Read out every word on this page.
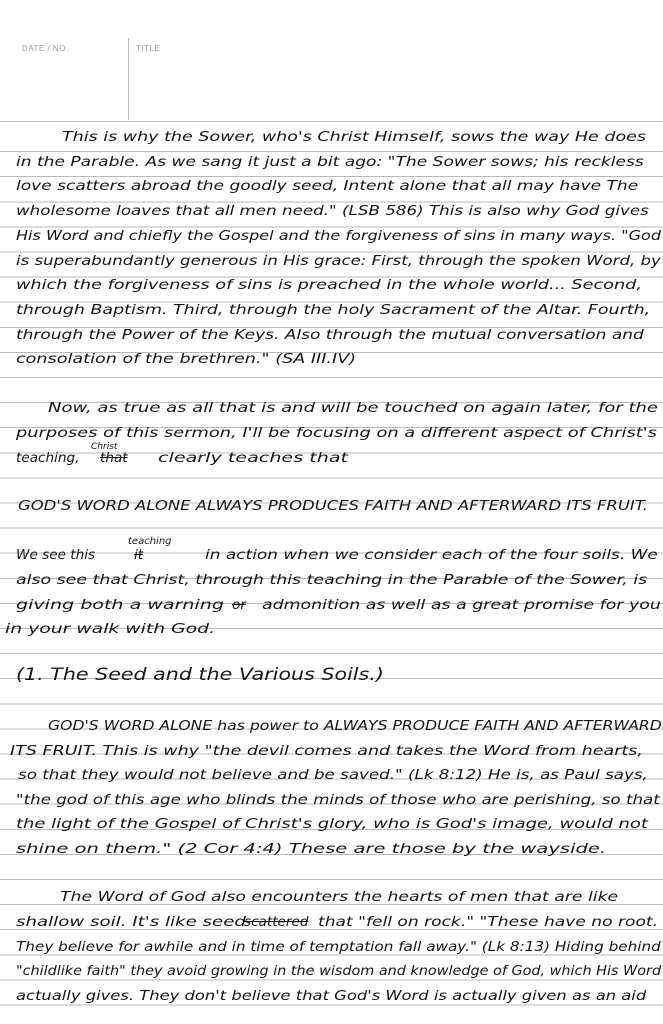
DATE / NO.	TITLE
This is why the Sower, who's Christ Himself, sows the way He does
in the Parable. As we sang it just a bit ago: "The Sower sows; his reckless
love scatters abroad the goodly seed, Intent alone that all may have The
wholesome loaves that all men need." (LSB 586) This is also why God gives
His Word and chiefly the Gospel and the forgiveness of sins in many ways. "God
is superabundantly generous in His grace: First, through the spoken Word, by
which the forgiveness of sins is preached in the whole world... Second,
through Baptism. Third, through the holy Sacrament of the Altar. Fourth,
through the Power of the Keys. Also through the mutual conversation and
consolation of the brethren." (SA III.IV)
Now, as true as all that is and will be touched on again later, for the
purposes of this sermon, I'll be focusing on a different aspect of Christ's
clearly teaches that
GOD'S WORD ALONE ALWAYS PRODUCES FAITH AND AFTERWARD ITS FRUIT.
in action when we consider each of the four soils. We
also see that Christ, through this teaching in the Parable of the Sower, is
giving both a warning	admonition as well as a great promise for you
in your walk with God.
(1. The Seed and the Various Soils.)
GOD'S WORD ALONE has power to ALWAYS PRODUCE FAITH AND AFTERWARD
ITS FRUIT. This is why "the devil comes and takes the Word from hearts,
so that they would not believe and be saved." (Lk 8:12) He is, as Paul says,
"the god of this age who blinds the minds of those who are perishing, so that
the light of the Gospel of Christ's glory, who is God's image, would not
shine on them." (2 Cor 4:4) These are those by the wayside.
The Word of God also encounters the hearts of men that are like
shallow soil. It's like seed	that "fell on rock." "These have no root.
They believe for awhile and in time of temptation fall away." (Lk 8:13) Hiding behind
"childlike faith" they avoid growing in the wisdom and knowledge of God, which His Word
actually gives. They don't believe that God's Word is actually given as an aid
teaching,
Christ
that
We see this
teaching
it
or
scattered
